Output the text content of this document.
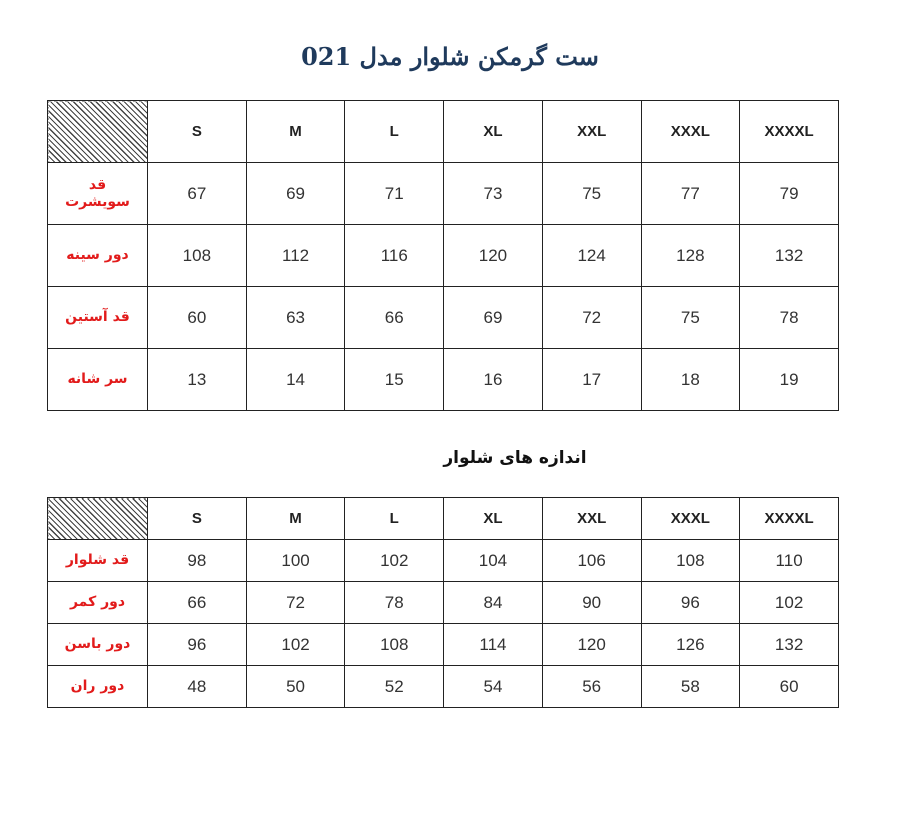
ست گرمکن شلوار مدل 021
	S	M	L	XL	XXL	XXXL	XXXXL

قد
سویشرت	67	69	71	73	75	77	79
دور سینه	108	112	116	120	124	128	132
قد آستین	60	63	66	69	72	75	78
سر شانه	13	14	15	16	17	18	19
اندازه های شلوار
	S	M	L	XL	XXL	XXXL	XXXXL
قد شلوار	98	100	102	104	106	108	110
دور کمر	66	72	78	84	90	96	102
دور باسن	96	102	108	114	120	126	132
دور ران	48	50	52	54	56	58	60
